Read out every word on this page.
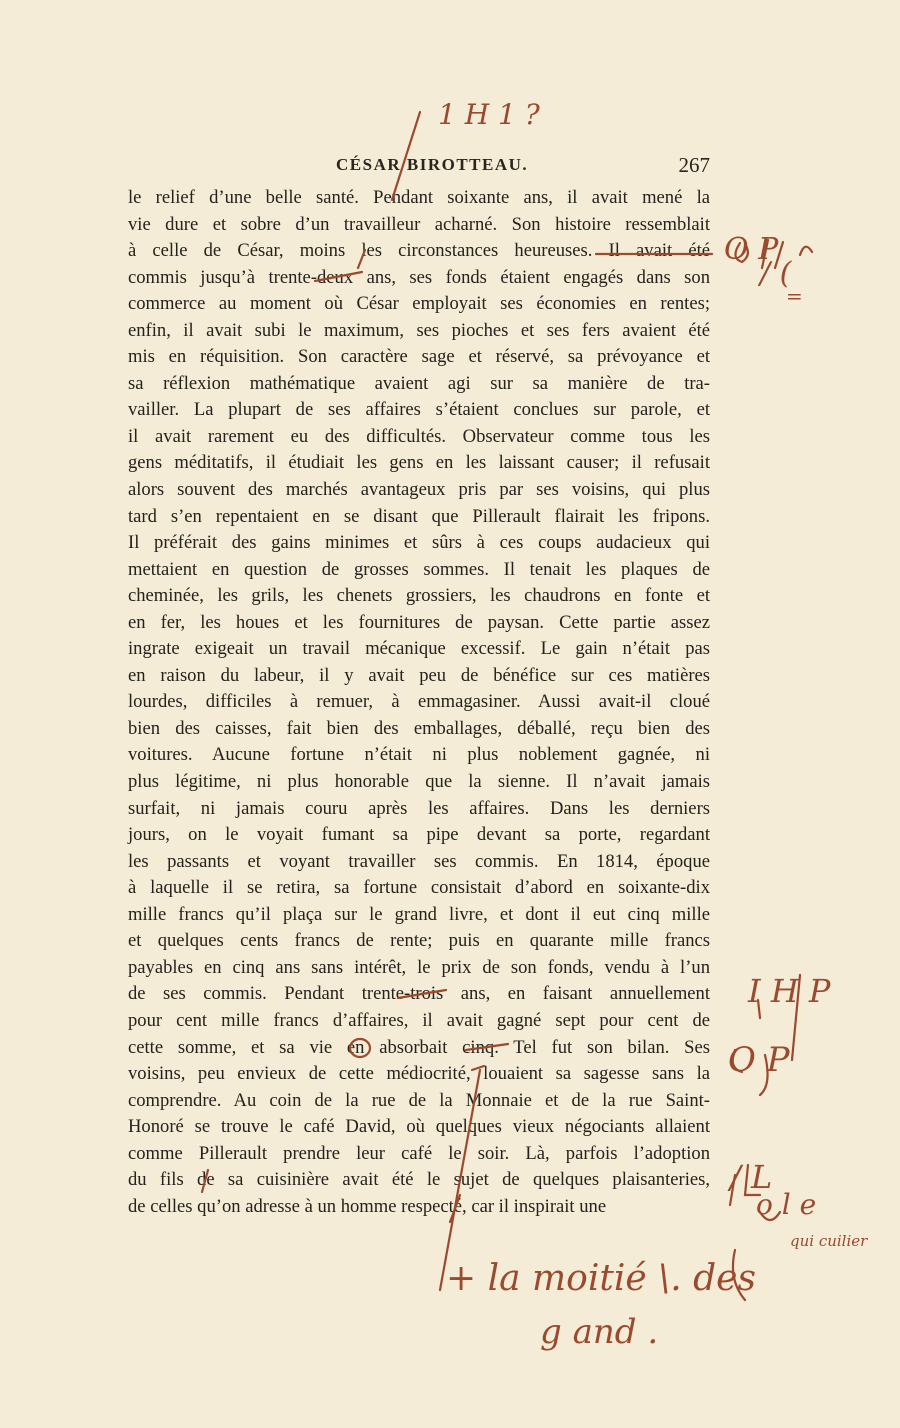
CÉSAR BIROTTEAU.	267
le relief d’une belle santé. Pendant soixante ans, il avait mené la
vie dure et sobre d’un travailleur acharné. Son histoire ressemblait
à celle de César, moins les circonstances heureuses. Il avait été
commis jusqu’à trente-deux ans, ses fonds étaient engagés dans son
commerce au moment où César employait ses économies en rentes;
enfin, il avait subi le maximum, ses pioches et ses fers avaient été
mis en réquisition. Son caractère sage et réservé, sa prévoyance et
sa réflexion mathématique avaient agi sur sa manière de tra-
vailler. La plupart de ses affaires s’étaient conclues sur parole, et
il avait rarement eu des difficultés. Observateur comme tous les
gens méditatifs, il étudiait les gens en les laissant causer; il refusait
alors souvent des marchés avantageux pris par ses voisins, qui plus
tard s’en repentaient en se disant que Pillerault flairait les fripons.
Il préférait des gains minimes et sûrs à ces coups audacieux qui
mettaient en question de grosses sommes. Il tenait les plaques de
cheminée, les grils, les chenets grossiers, les chaudrons en fonte et
en fer, les houes et les fournitures de paysan. Cette partie assez
ingrate exigeait un travail mécanique excessif. Le gain n’était pas
en raison du labeur, il y avait peu de bénéfice sur ces matières
lourdes, difficiles à remuer, à emmagasiner. Aussi avait-il cloué
bien des caisses, fait bien des emballages, déballé, reçu bien des
voitures. Aucune fortune n’était ni plus noblement gagnée, ni
plus légitime, ni plus honorable que la sienne. Il n’avait jamais
surfait, ni jamais couru après les affaires. Dans les derniers
jours, on le voyait fumant sa pipe devant sa porte, regardant
les passants et voyant travailler ses commis. En 1814, époque
à laquelle il se retira, sa fortune consistait d’abord en soixante-dix
mille francs qu’il plaça sur le grand livre, et dont il eut cinq mille
et quelques cents francs de rente; puis en quarante mille francs
payables en cinq ans sans intérêt, le prix de son fonds, vendu à l’un
de ses commis. Pendant trente-trois ans, en faisant annuellement
pour cent mille francs d’affaires, il avait gagné sept pour cent de
cette somme, et sa vie en absorbait cinq. Tel fut son bilan. Ses
voisins, peu envieux de cette médiocrité, louaient sa sagesse sans la
comprendre. Au coin de la rue de la Monnaie et de la rue Saint-
Honoré se trouve le café David, où quelques vieux négociants allaient
comme Pillerault prendre leur café le soir. Là, parfois l’adoption
du fils de sa cuisinière avait été le sujet de quelques plaisanteries,
de celles qu’on adresse à un homme respecté, car il inspirait une
1 H 1 ?
O P
/ (
=
I H P
O P
/ L
o l e
qui cuilier
+ la moitié \. des
g and .
